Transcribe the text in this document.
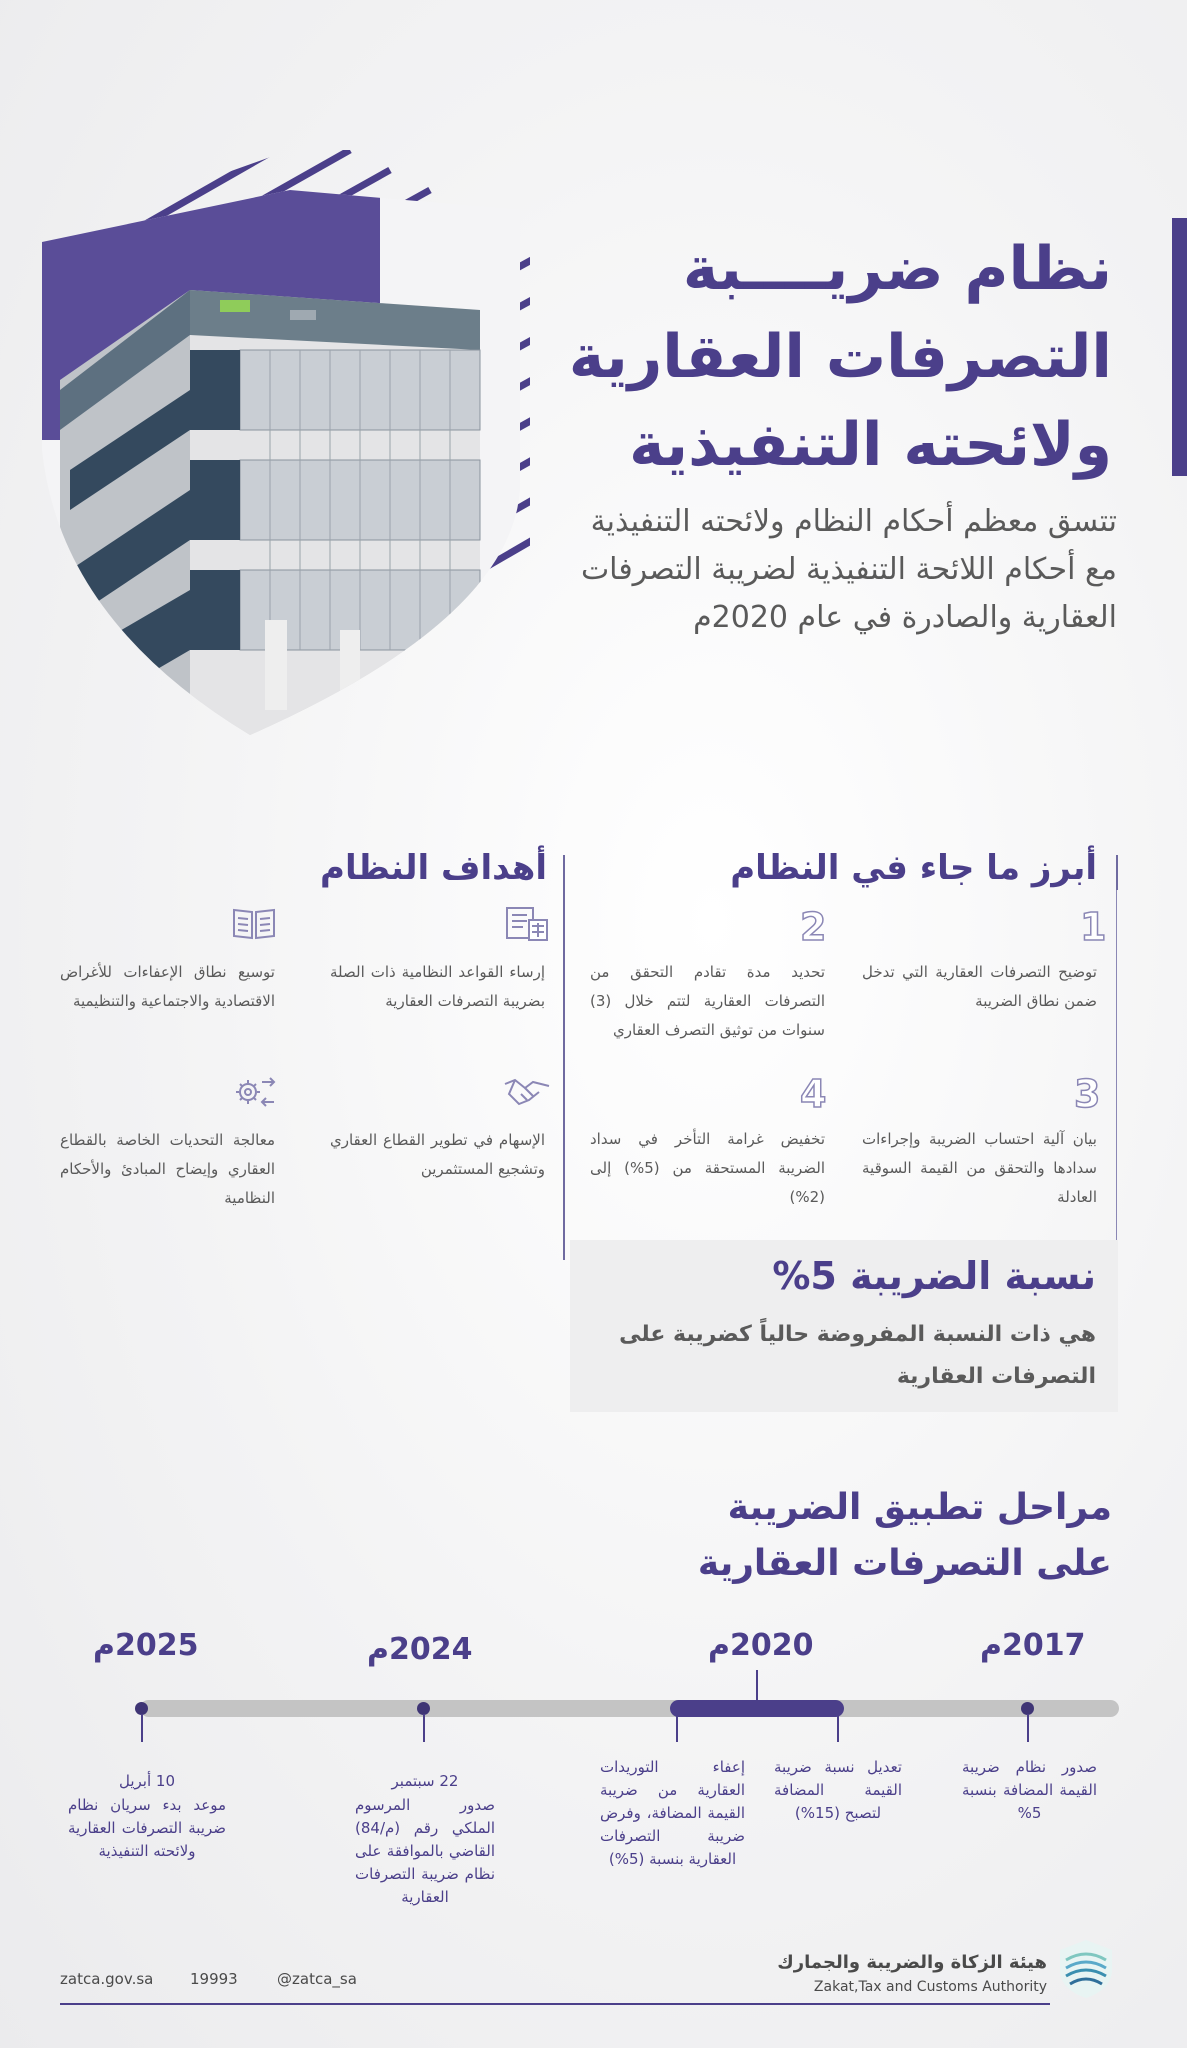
نظام ضريــــبة
التصرفات العقارية
ولائحته التنفيذية
تتسق معظم أحكام النظام ولائحته التنفيذية مع أحكام اللائحة التنفيذية لضريبة التصرفات العقارية والصادرة في عام 2020م
أبرز ما جاء في النظام
1
توضيح التصرفات العقارية التي تدخل ضمن نطاق الضريبة
2
تحديد مدة تقادم التحقق من التصرفات العقارية لتتم خلال (3) سنوات من توثيق التصرف العقاري
3
بيان آلية احتساب الضريبة وإجراءات سدادها والتحقق من القيمة السوقية العادلة
4
تخفيض غرامة التأخر في سداد الضريبة المستحقة من (5%) إلى (2%)
أهداف النظام
إرساء القواعد النظامية ذات الصلة بضريبة التصرفات العقارية
توسيع نطاق الإعفاءات للأغراض الاقتصادية والاجتماعية والتنظيمية
الإسهام في تطوير القطاع العقاري وتشجيع المستثمرين
معالجة التحديات الخاصة بالقطاع العقاري وإيضاح المبادئ والأحكام النظامية
نسبة الضريبة 5%
هي ذات النسبة المفروضة حالياً كضريبة على التصرفات العقارية
مراحل تطبيق الضريبة
على التصرفات العقارية
2017م
2020م
2024م
2025م
صدور نظام ضريبة القيمة المضافة بنسبة 5%
تعديل نسبة ضريبة القيمة المضافة لتصبح (15%)
إعفاء التوريدات العقارية من ضريبة القيمة المضافة، وفرض ضريبة التصرفات العقارية بنسبة (5%)
22 سبتمبر
صدور المرسوم الملكي رقم (م/84) القاضي بالموافقة على نظام ضريبة التصرفات العقارية
10 أبريل
موعد بدء سريان نظام ضريبة التصرفات العقارية ولائحته التنفيذية
zatca.gov.sa 19993	@zatca_sa
هيئة الزكاة والضريبة والجمارك
Zakat,Tax and Customs Authority
